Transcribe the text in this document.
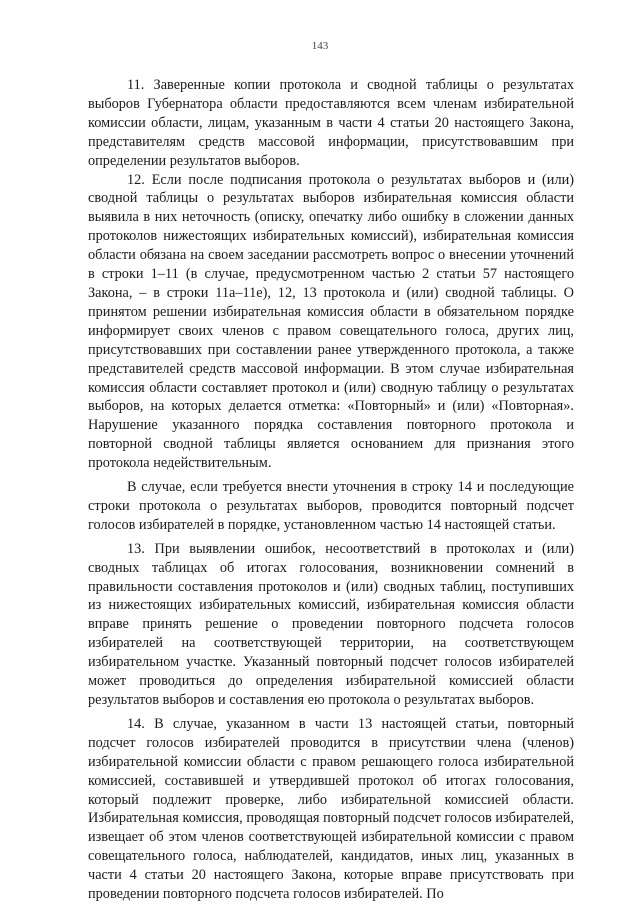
143

11. Заверенные копии протокола и сводной таблицы о результатах выборов Губернатора области предоставляются всем членам избирательной комиссии области, лицам, указанным в части 4 статьи 20 настоящего Закона, представителям средств массовой информации, присутствовавшим при определении результатов выборов.

12. Если после подписания протокола о результатах выборов и (или) сводной таблицы о результатах выборов избирательная комиссия области выявила в них неточность (описку, опечатку либо ошибку в сложении данных протоколов нижестоящих избирательных комиссий), избирательная комиссия области обязана на своем заседании рассмотреть вопрос о внесении уточнений в строки 1–11 (в случае, предусмотренном частью 2 статьи 57 настоящего Закона, – в строки 11а–11е), 12, 13 протокола и (или) сводной таблицы. О принятом решении избирательная комиссия области в обязательном порядке информирует своих членов с правом совещательного голоса, других лиц, присутствовавших при составлении ранее утвержденного протокола, а также представителей средств массовой информации. В этом случае избирательная комиссия области составляет протокол и (или) сводную таблицу о результатах выборов, на которых делается отметка: «Повторный» и (или) «Повторная». Нарушение указанного порядка составления повторного протокола и повторной сводной таблицы является основанием для признания этого протокола недействительным.

В случае, если требуется внести уточнения в строку 14 и последующие строки протокола о результатах выборов, проводится повторный подсчет голосов избирателей в порядке, установленном частью 14 настоящей статьи.

13. При выявлении ошибок, несоответствий в протоколах и (или) сводных таблицах об итогах голосования, возникновении сомнений в правильности составления протоколов и (или) сводных таблиц, поступивших из нижестоящих избирательных комиссий, избирательная комиссия области вправе принять решение о проведении повторного подсчета голосов избирателей на соответствующей территории, на соответствующем избирательном участке. Указанный повторный подсчет голосов избирателей может проводиться до определения избирательной комиссией области результатов выборов и составления ею протокола о результатах выборов.

14. В случае, указанном в части 13 настоящей статьи, повторный подсчет голосов избирателей проводится в присутствии члена (членов) избирательной комиссии области с правом решающего голоса избирательной комиссией, составившей и утвердившей протокол об итогах голосования, который подлежит проверке, либо избирательной комиссией области. Избирательная комиссия, проводящая повторный подсчет голосов избирателей, извещает об этом членов соответствующей избирательной комиссии с правом совещательного голоса, наблюдателей, кандидатов, иных лиц, указанных в части 4 статьи 20 настоящего Закона, которые вправе присутствовать при проведении повторного подсчета голосов избирателей. По
